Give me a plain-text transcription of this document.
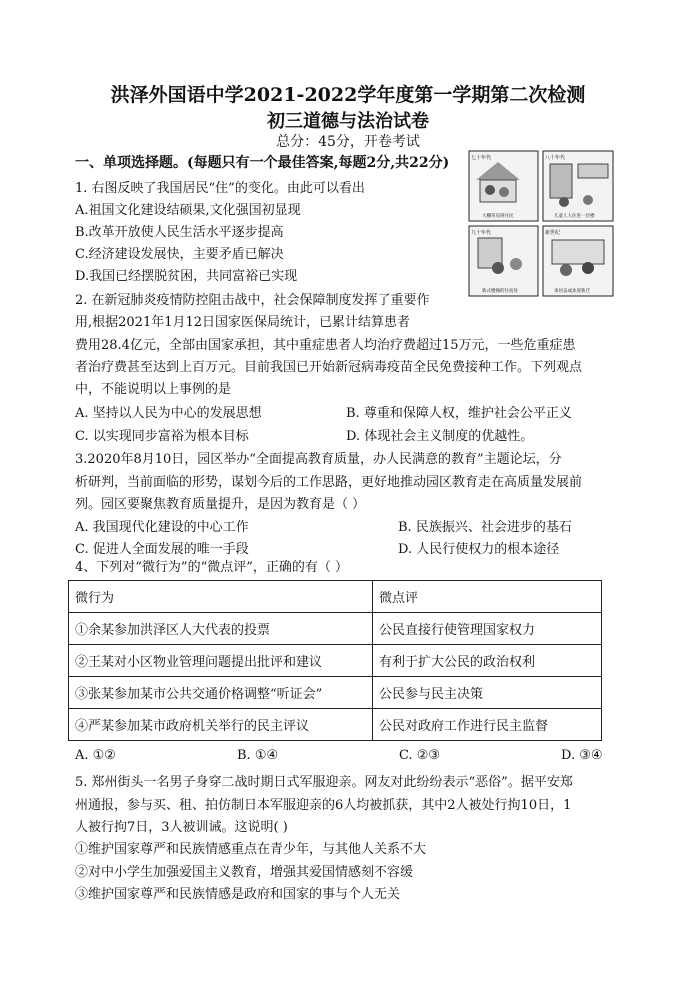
洪泽外国语中学2021-2022学年度第一学期第二次检测
初三道德与法治试卷
总分：45分，开卷考试
一、单项选择题。(每题只有一个最佳答案,每题2分,共22分)	七十年代
大棚草房挤住民
八十年代
儿童人人住进一层楼
九十年代
新式楼阁的住宿处
新世纪
承居奋成欢迎新迁
1. 右图反映了我国居民“住”的变化。由此可以看出
A.祖国文化建设结硕果,文化强国初显现
B.改革开放使人民生活水平逐步提高
C.经济建设发展快，主要矛盾已解决
D.我国已经摆脱贫困，共同富裕已实现
2. 在新冠肺炎疫情防控阻击战中，社会保障制度发挥了重要作
用,根据2021年1月12日国家医保局统计，已累计结算患者
费用28.4亿元，全部由国家承担，其中重症患者人均治疗费超过15万元，一些危重症患
者治疗费甚至达到上百万元。目前我国已开始新冠病毒疫苗全民免费接种工作。下列观点
中，不能说明以上事例的是
A. 坚持以人民为中心的发展思想	B. 尊重和保障人权，维护社会公平正义
C. 以实现同步富裕为根本目标	D. 体现社会主义制度的优越性。
3.2020年8月10日，园区举办“全面提高教育质量，办人民满意的教育”主题论坛，分
析研判，当前面临的形势，谋划今后的工作思路，更好地推动园区教育走在高质量发展前
列。园区要聚焦教育质量提升，是因为教育是（ ）
A. 我国现代化建设的中心工作	B. 民族振兴、社会进步的基石
C. 促进人全面发展的唯一手段	D. 人民行使权力的根本途径
4、下列对“微行为”的“微点评”，正确的有（ ）
微行为	微点评
①余某参加洪泽区人大代表的投票	公民直接行使管理国家权力
②王某对小区物业管理问题提出批评和建议	有利于扩大公民的政治权利
③张某参加某市公共交通价格调整“听证会”	公民参与民主决策
④严某参加某市政府机关举行的民主评议	公民对政府工作进行民主监督
A. ①②	B. ①④	C. ②③	D. ③④
5. 郑州街头一名男子身穿二战时期日式军服迎亲。网友对此纷纷表示“恶俗”。据平安郑
州通报，参与买、租、拍仿制日本军服迎亲的6人均被抓获，其中2人被处行拘10日，1
人被行拘7日，3人被训诫。这说明( )
①维护国家尊严和民族情感重点在青少年，与其他人关系不大
②对中小学生加强爱国主义教育，增强其爱国情感刻不容缓
③维护国家尊严和民族情感是政府和国家的事与个人无关
